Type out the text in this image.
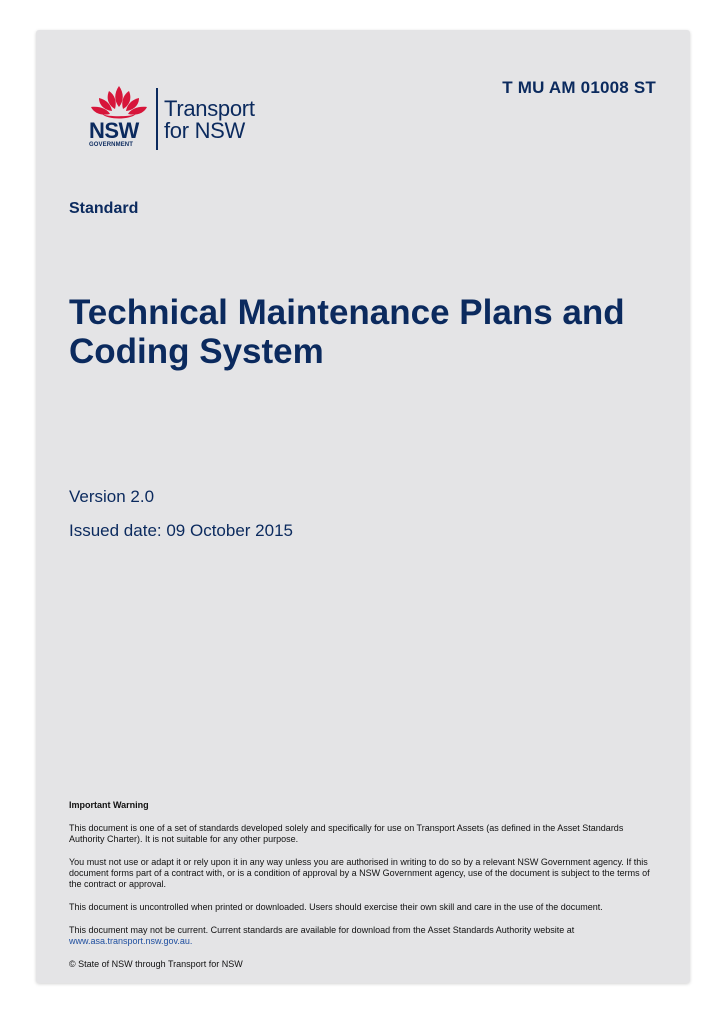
T MU AM 01008 ST
NSW
GOVERNMENT
Transport
for NSW
Standard
Technical Maintenance Plans and Coding System
Version 2.0
Issued date: 09 October 2015

Important Warning

This document is one of a set of standards developed solely and specifically for use on Transport Assets (as defined in the Asset Standards Authority Charter). It is not suitable for any other purpose.

You must not use or adapt it or rely upon it in any way unless you are authorised in writing to do so by a relevant NSW Government agency. If this document forms part of a contract with, or is a condition of approval by a NSW Government agency, use of the document is subject to the terms of the contract or approval.

This document is uncontrolled when printed or downloaded. Users should exercise their own skill and care in the use of the document.

This document may not be current. Current standards are available for download from the Asset Standards Authority website at
www.asa.transport.nsw.gov.au.

© State of NSW through Transport for NSW
